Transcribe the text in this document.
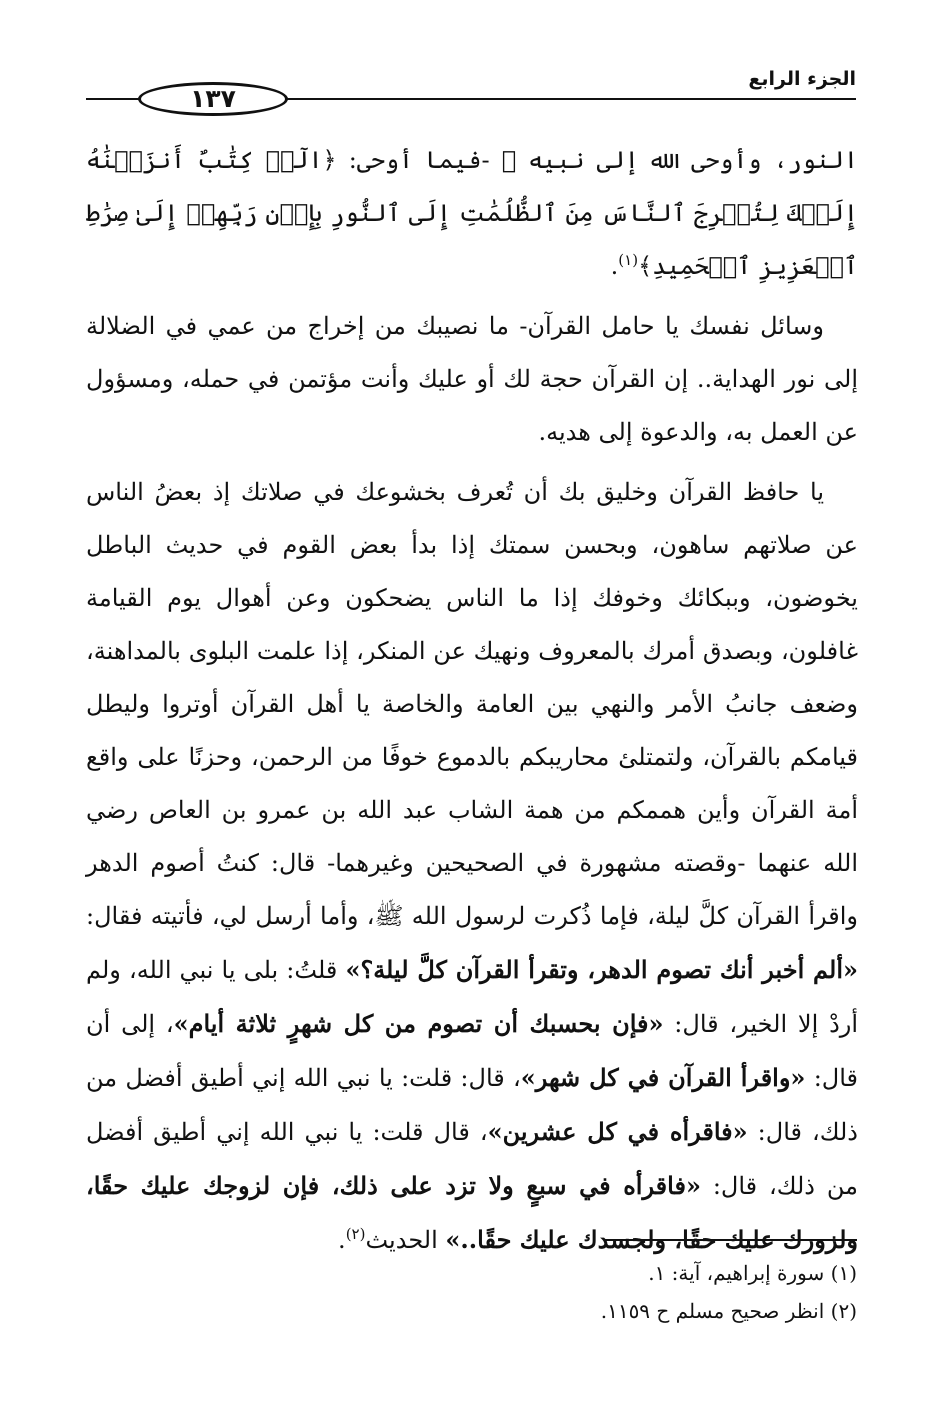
الجزء الرابع
١٣٧

النور، وأوحى الله إلى نبيه ﷺ -فيما أوحى: ﴿الٓرۚ كِتَٰبٌ أَنزَلۡنَٰهُ إِلَيۡكَ لِتُخۡرِجَ ٱلنَّاسَ مِنَ ٱلظُّلُمَٰتِ إِلَى ٱلنُّورِ بِإِذۡنِ رَبِّهِمۡ إِلَىٰ صِرَٰطِ ٱلۡعَزِيزِ ٱلۡحَمِيدِ﴾$^{(١)}$.

وسائل نفسك يا حامل القرآن- ما نصيبك من إخراج من عمي في الضلالة إلى نور الهداية.. إن القرآن حجة لك أو عليك وأنت مؤتمن في حمله، ومسؤول عن العمل به، والدعوة إلى هديه.

يا حافظ القرآن وخليق بك أن تُعرف بخشوعك في صلاتك إذ بعضُ الناس عن صلاتهم ساهون، وبحسن سمتك إذا بدأ بعض القوم في حديث الباطل يخوضون، وببكائك وخوفك إذا ما الناس يضحكون وعن أهوال يوم القيامة غافلون، وبصدق أمرك بالمعروف ونهيك عن المنكر، إذا علمت البلوى بالمداهنة، وضعف جانبُ الأمر والنهي بين العامة والخاصة يا أهل القرآن أوتروا وليطل قيامكم بالقرآن، ولتمتلئ محاريبكم بالدموع خوفًا من الرحمن، وحزنًا على واقع أمة القرآن وأين هممكم من همة الشاب عبد الله بن عمرو بن العاص رضي الله عنهما -وقصته مشهورة في الصحيحين وغيرهما- قال: كنتُ أصوم الدهر واقرأ القرآن كلَّ ليلة، فإما ذُكرت لرسول الله ﷺ، وأما أرسل لي، فأتيته فقال: «ألم أخبر أنك تصوم الدهر، وتقرأ القرآن كلَّ ليلة؟» قلتُ: بلى يا نبي الله، ولم أردْ إلا الخير، قال: «فإن بحسبك أن تصوم من كل شهرٍ ثلاثة أيام»، إلى أن قال: «واقرأ القرآن في كل شهر»، قال: قلت: يا نبي الله إني أطيق أفضل من ذلك، قال: «فاقرأه في كل عشرين»، قال قلت: يا نبي الله إني أطيق أفضل من ذلك، قال: «فاقرأه في سبعٍ ولا تزد على ذلك، فإن لزوجك عليك حقًا، ولزورك عليك حقًا، ولجسدك عليك حقًا..» الحديث$^{(٢)}$.

(١) سورة إبراهيم، آية: ١.

(٢) انظر صحيح مسلم ح ١١٥٩.
